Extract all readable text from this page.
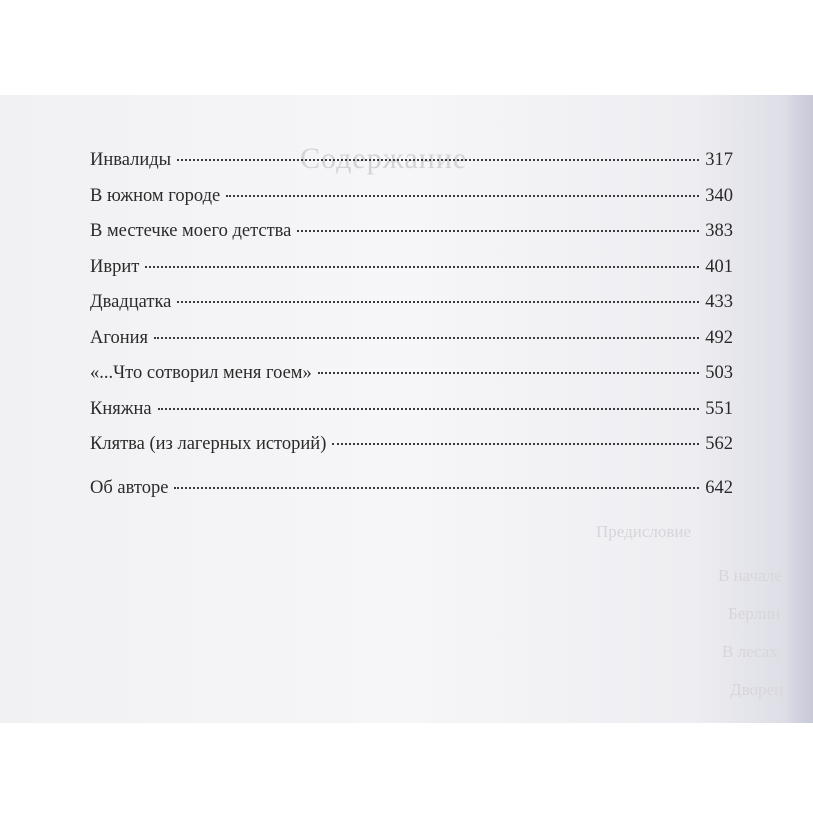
Содержание
Предисловие
В начале
Берлин
В лесах
Дворец
Инвалиды	317
В южном городе	340
В местечке моего детства	383
Иврит	401
Двадцатка	433
Агония	492
«...Что сотворил меня гоем»	503
Княжна	551
Клятва (из лагерных историй)	562
Об авторе	642
